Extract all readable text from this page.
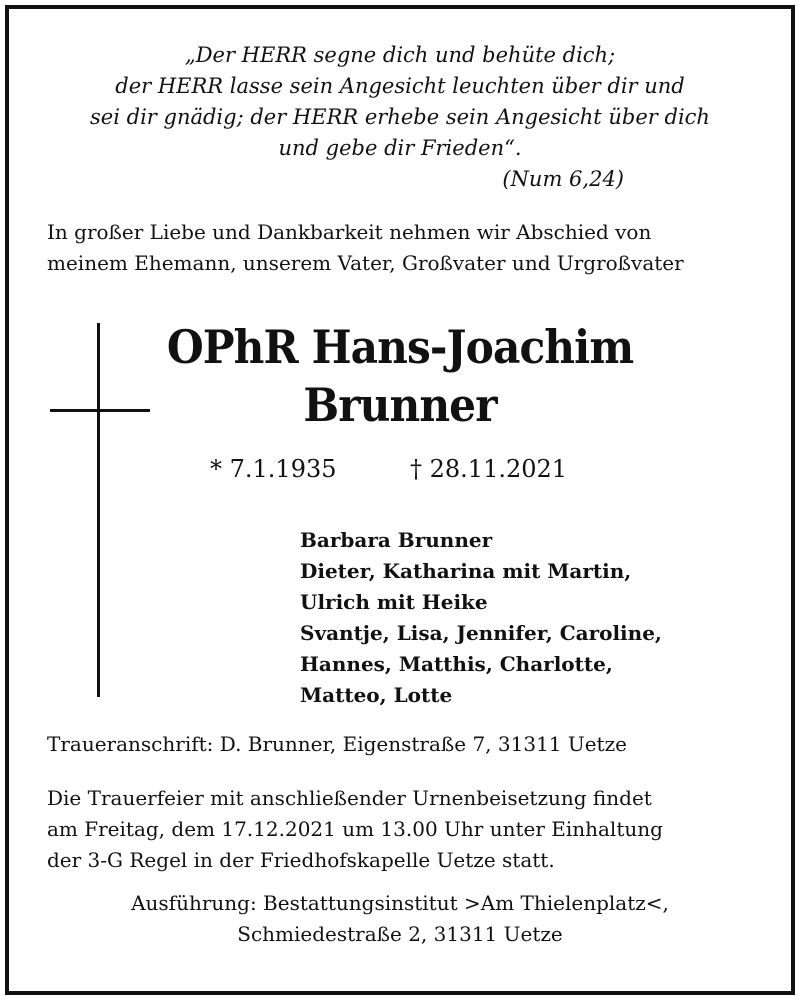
„Der HERR segne dich und behüte dich;
der HERR lasse sein Angesicht leuchten über dir und
sei dir gnädig; der HERR erhebe sein Angesicht über dich
und gebe dir Frieden“.
(Num 6,24)
In großer Liebe und Dankbarkeit nehmen wir Abschied von
meinem Ehemann, unserem Vater, Großvater und Urgroßvater
OPhR Hans-Joachim
Brunner
* 7.1.1935	† 28.11.2021
Barbara Brunner
Dieter, Katharina mit Martin,
Ulrich mit Heike
Svantje, Lisa, Jennifer, Caroline,
Hannes, Matthis, Charlotte,
Matteo, Lotte
Traueranschrift: D. Brunner, Eigenstraße 7, 31311 Uetze
Die Trauerfeier mit anschließender Urnenbeisetzung findet
am Freitag, dem 17.12.2021 um 13.00 Uhr unter Einhaltung
der 3-G Regel in der Friedhofskapelle Uetze statt.
Ausführung: Bestattungsinstitut >Am Thielenplatz<,
Schmiedestraße 2, 31311 Uetze
